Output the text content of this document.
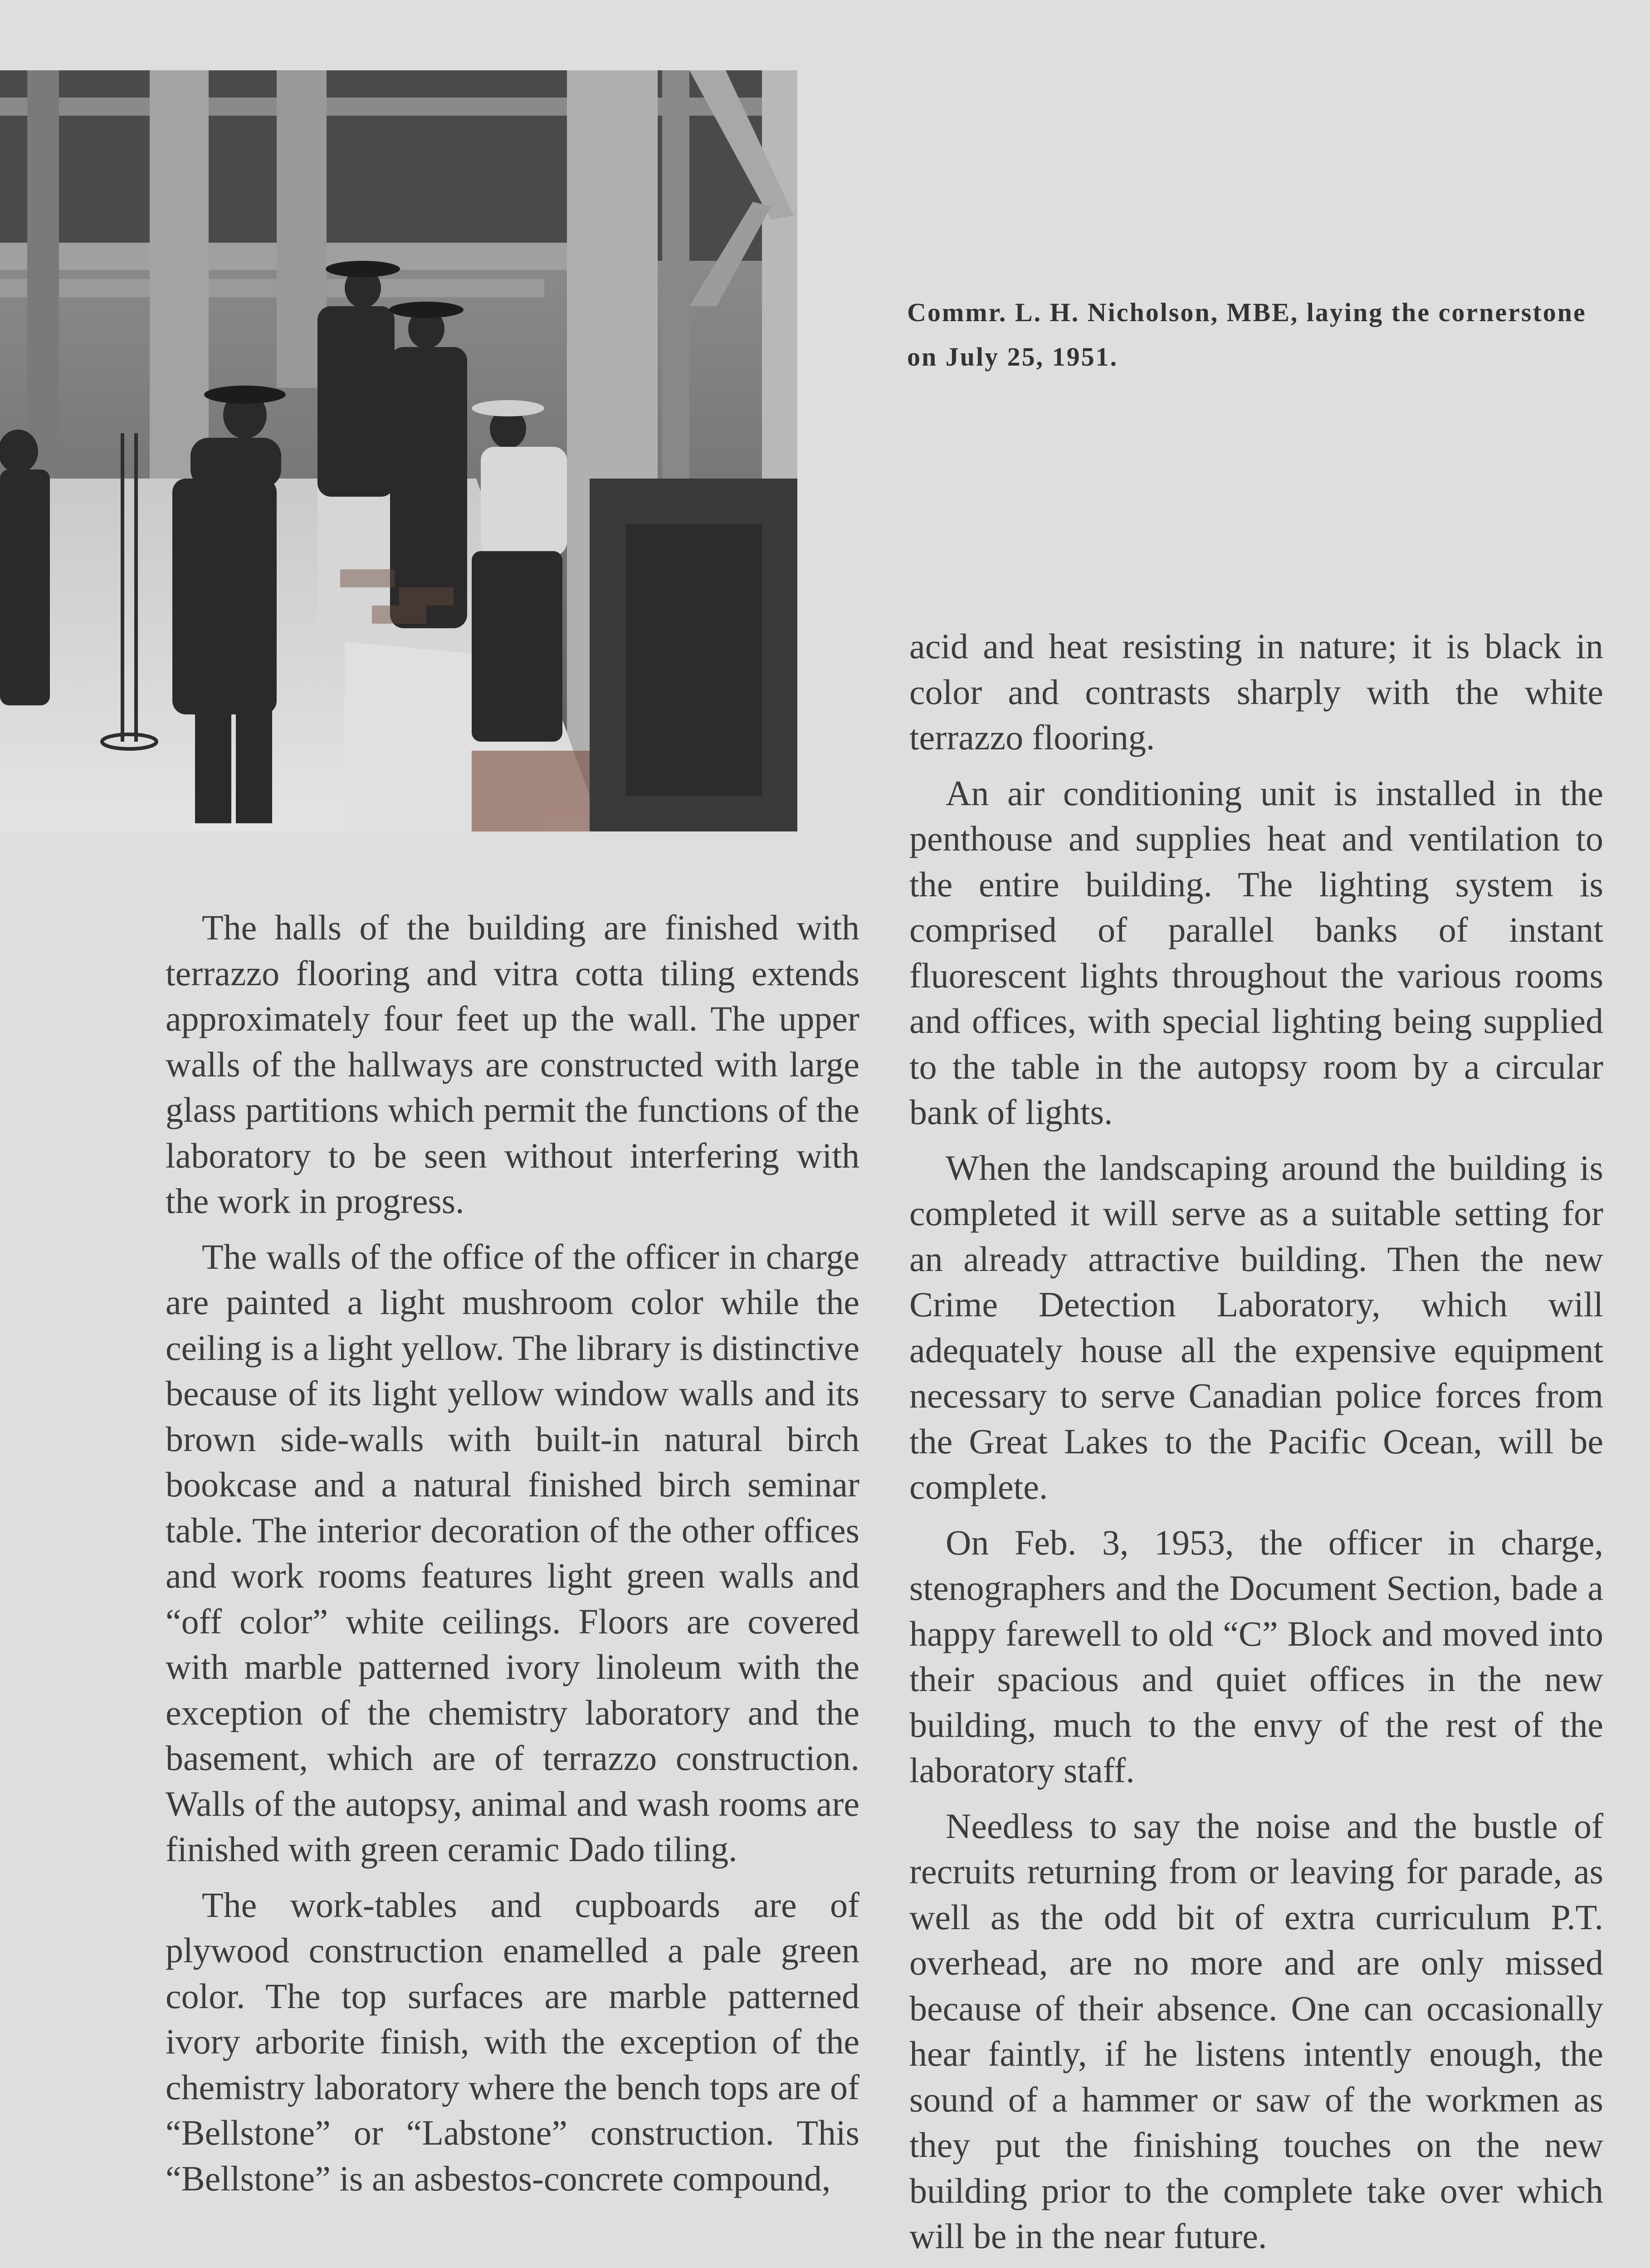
Commr. L. H. Nicholson, MBE, laying the cornerstone on July 25, 1951.

The halls of the building are finished with terrazzo flooring and vitra cotta tiling extends approximately four feet up the wall. The upper walls of the hallways are constructed with large glass partitions which permit the functions of the laboratory to be seen without interfering with the work in progress.

The walls of the office of the officer in charge are painted a light mushroom color while the ceiling is a light yellow. The library is distinctive because of its light yellow window walls and its brown side-walls with built-in natural birch bookcase and a natural finished birch seminar table. The interior decoration of the other offices and work rooms features light green walls and “off color” white ceilings. Floors are covered with marble patterned ivory linoleum with the exception of the chemistry laboratory and the basement, which are of terrazzo construction. Walls of the autopsy, animal and wash rooms are finished with green ceramic Dado tiling.

The work-tables and cupboards are of plywood construction enamelled a pale green color. The top surfaces are marble patterned ivory arborite finish, with the exception of the chemistry laboratory where the bench tops are of “Bellstone” or “Labstone” construction. This “Bellstone” is an asbestos-concrete compound,

acid and heat resisting in nature; it is black in color and contrasts sharply with the white terrazzo flooring.

An air conditioning unit is installed in the penthouse and supplies heat and ventilation to the entire building. The lighting system is comprised of parallel banks of instant fluorescent lights throughout the various rooms and offices, with special lighting being supplied to the table in the autopsy room by a circular bank of lights.

When the landscaping around the building is completed it will serve as a suitable setting for an already attractive building. Then the new Crime Detection Laboratory, which will adequately house all the expensive equipment necessary to serve Canadian police forces from the Great Lakes to the Pacific Ocean, will be complete.

On Feb. 3, 1953, the officer in charge, stenographers and the Document Section, bade a happy farewell to old “C” Block and moved into their spacious and quiet offices in the new building, much to the envy of the rest of the laboratory staff.

Needless to say the noise and the bustle of recruits returning from or leaving for parade, as well as the odd bit of extra curriculum P.T. overhead, are no more and are only missed because of their absence. One can occasionally hear faintly, if he listens intently enough, the sound of a hammer or saw of the workmen as they put the finishing touches on the new building prior to the complete take over which will be in the near future.
